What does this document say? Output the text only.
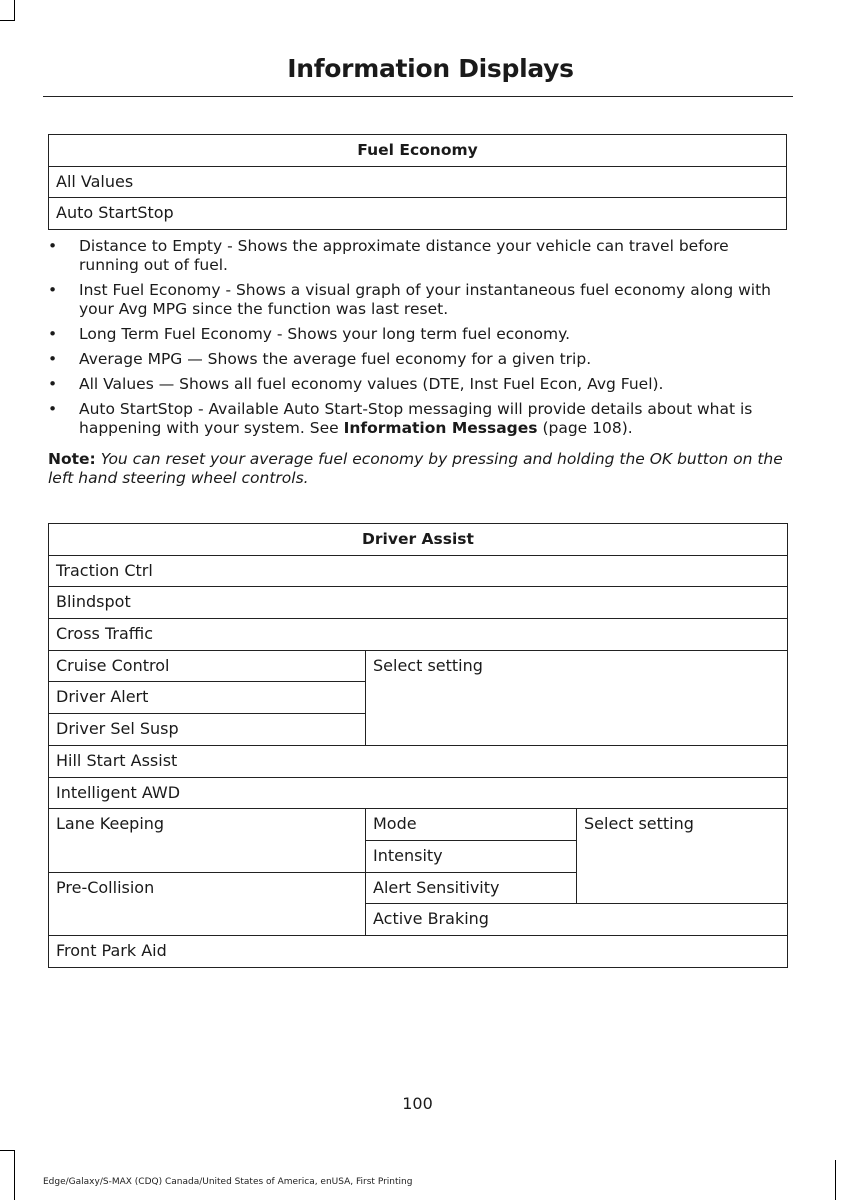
Information Displays
Fuel Economy
All Values
Auto StartStop
• Distance to Empty - Shows the approximate distance your vehicle can travel before running out of fuel.
• Inst Fuel Economy - Shows a visual graph of your instantaneous fuel economy along with your Avg MPG since the function was last reset.
• Long Term Fuel Economy - Shows your long term fuel economy.
• Average MPG — Shows the average fuel economy for a given trip.
• All Values — Shows all fuel economy values (DTE, Inst Fuel Econ, Avg Fuel).
• Auto StartStop - Available Auto Start-Stop messaging will provide details about what is happening with your system. See Information Messages (page 108).
Note: You can reset your average fuel economy by pressing and holding the OK button on the left hand steering wheel controls.
Driver Assist		
Traction Ctrl		
Blindspot		
Cross Traffic		
Cruise Control	Select setting	
Driver Alert		
Driver Sel Susp		
Hill Start Assist		
Intelligent AWD		
Lane Keeping	Mode	Select setting
	Intensity	
Pre-Collision	Alert Sensitivity	
	Active Braking	
Front Park Aid		
100
Edge/Galaxy/S-MAX (CDQ) Canada/United States of America, enUSA, First Printing
